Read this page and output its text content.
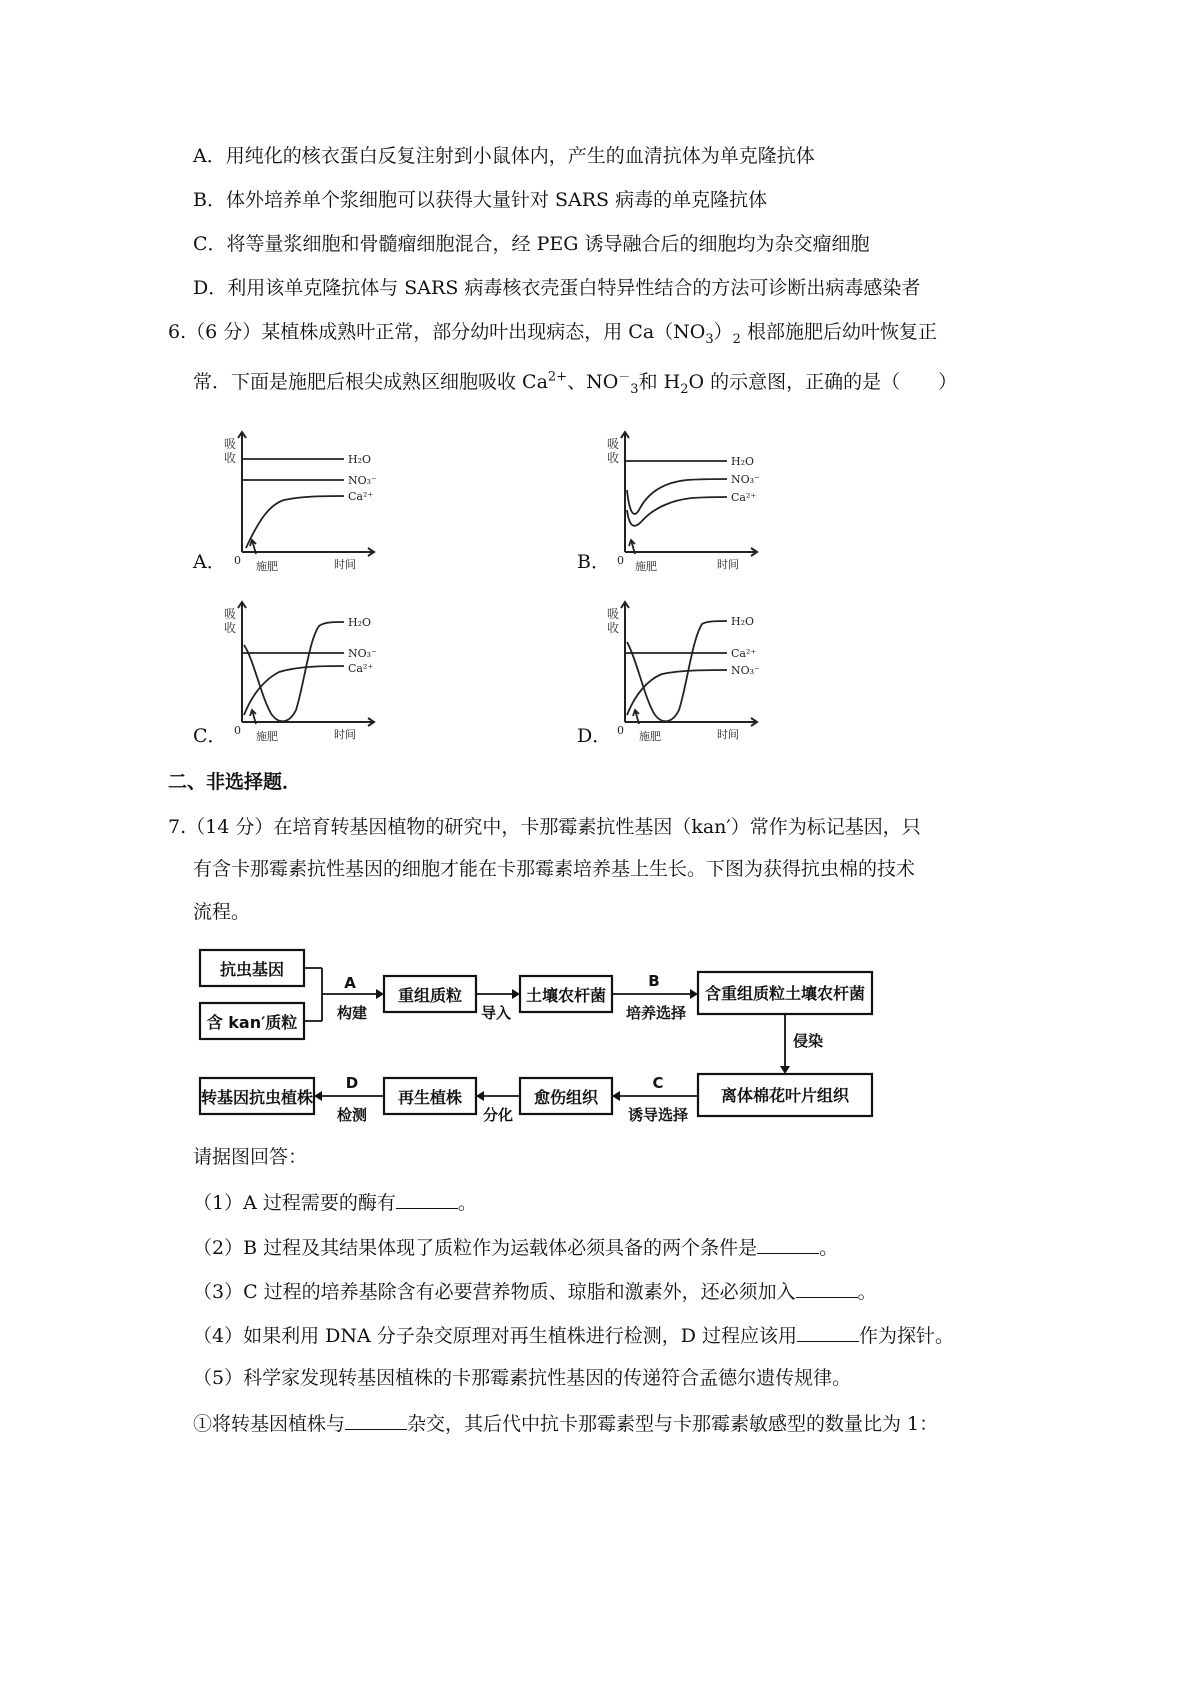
A．用纯化的核衣蛋白反复注射到小鼠体内，产生的血清抗体为单克隆抗体
B．体外培养单个浆细胞可以获得大量针对 SARS 病毒的单克隆抗体
C．将等量浆细胞和骨髓瘤细胞混合，经 PEG 诱导融合后的细胞均为杂交瘤细胞
D．利用该单克隆抗体与 SARS 病毒核衣壳蛋白特异性结合的方法可诊断出病毒感染者
6.（6 分）某植株成熟叶正常，部分幼叶出现病态，用 $Ca(NO_3)_2$ 根部施肥后幼叶恢复正
常．下面是施肥后根尖成熟区细胞吸收 $Ca^{2+}$、$NO^-_3$和 $H_2O$ 的示意图，正确的是（　　）
A．	B．
C．	D．
吸
收
0	时间
施肥
H₂O
NO₃⁻
Ca²⁺
吸
收
0	时间
施肥
H₂O
NO₃⁻
Ca²⁺
吸
收
0	时间
施肥
H₂O
NO₃⁻
Ca²⁺
吸
收
0	时间
施肥
H₂O
Ca²⁺
NO₃⁻
二、非选择题．
7.（14 分）在培育转基因植物的研究中，卡那霉素抗性基因（kan′）常作为标记基因，只
有含卡那霉素抗性基因的细胞才能在卡那霉素培养基上生长。下图为获得抗虫棉的技术
流程。
抗虫基因
含 kan′质粒
A
构建
重组质粒
导入
土壤农杆菌
B
培养选择
含重组质粒土壤农杆菌
侵染
离体棉花叶片组织
C
诱导选择
愈伤组织
分化
再生植株
D
检测
转基因抗虫植株
请据图回答：
（1）A 过程需要的酶有	。
（2）B 过程及其结果体现了质粒作为运载体必须具备的两个条件是	。
（3）C 过程的培养基除含有必要营养物质、琼脂和激素外，还必须加入	。
（4）如果利用 DNA 分子杂交原理对再生植株进行检测，D 过程应该用	作为探针。
（5）科学家发现转基因植株的卡那霉素抗性基因的传递符合孟德尔遗传规律。
①将转基因植株与	杂交，其后代中抗卡那霉素型与卡那霉素敏感型的数量比为 1：
